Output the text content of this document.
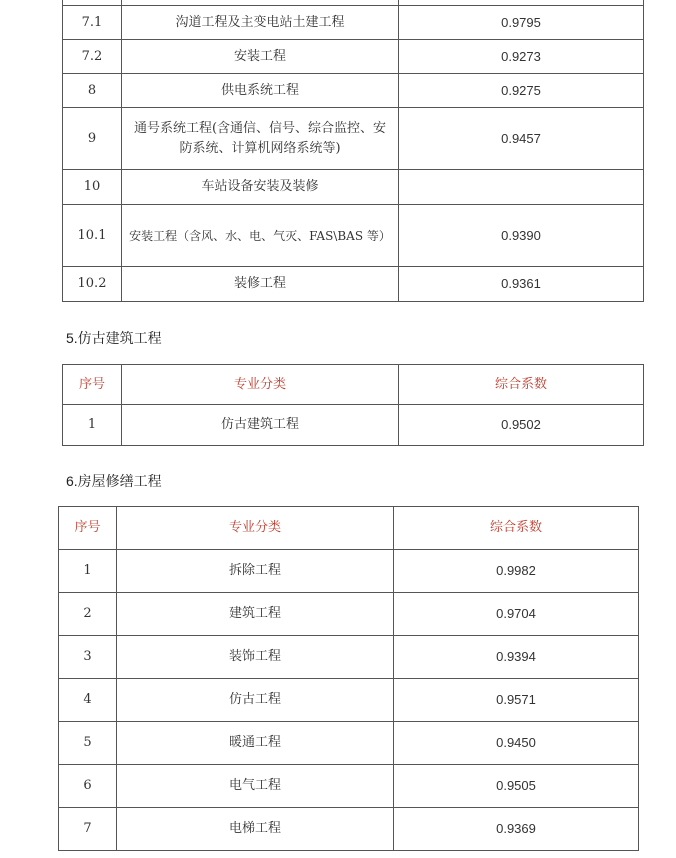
7.1	沟道工程及主变电站土建工程	0.9795
7.2	安装工程	0.9273
8	供电系统工程	0.9275
9	通号系统工程(含通信、信号、综合监控、安防系统、计算机网络系统等)	0.9457
10	车站设备安装及装修	
10.1	安装工程（含风、水、电、气灭、FAS\BAS 等）	0.9390
10.2	装修工程	0.9361
5.仿古建筑工程
序号	专业分类	综合系数
1	仿古建筑工程	0.9502
6.房屋修缮工程
序号	专业分类	综合系数
1	拆除工程	0.9982
2	建筑工程	0.9704
3	装饰工程	0.9394
4	仿古工程	0.9571
5	暖通工程	0.9450
6	电气工程	0.9505
7	电梯工程	0.9369
